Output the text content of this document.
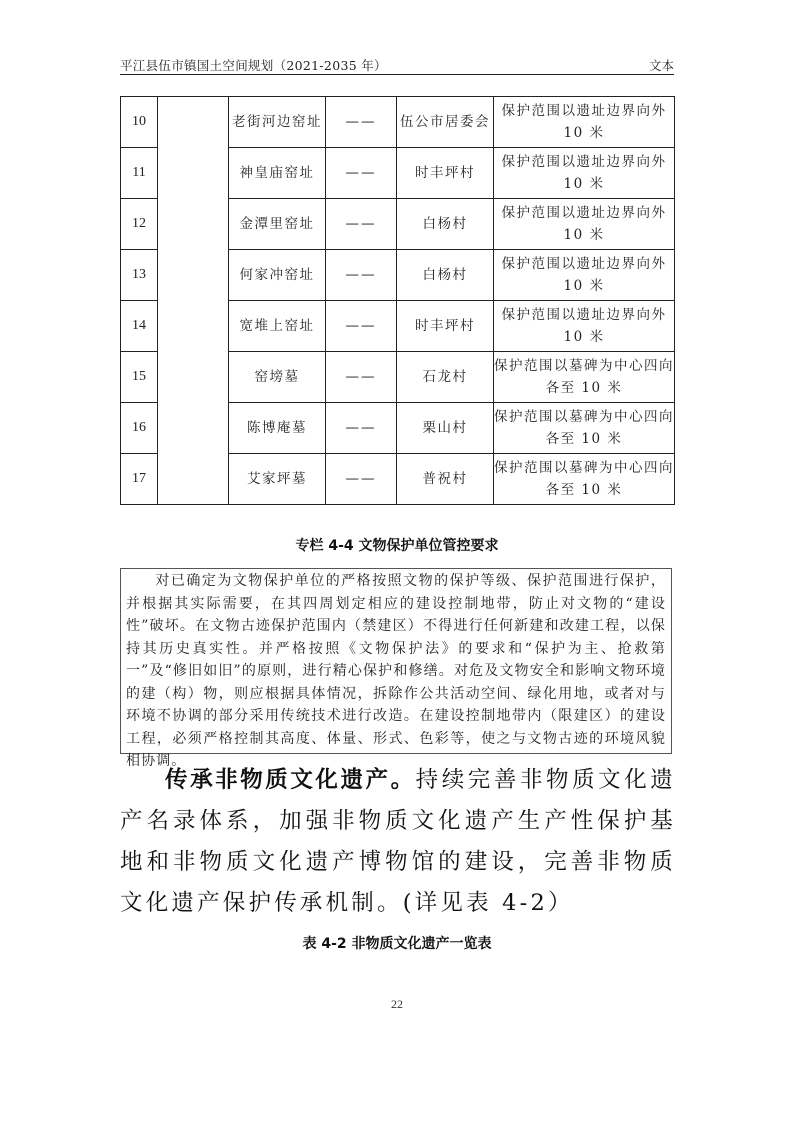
平江县伍市镇国土空间规划（2021-2035 年）	文本
10		老街河边窑址	——	伍公市居委会	保护范围以遗址边界向外
10 米

11		神皇庙窑址	——	时丰坪村	保护范围以遗址边界向外
10 米

12		金潭里窑址	——	白杨村	保护范围以遗址边界向外
10 米

13		何家冲窑址	——	白杨村	保护范围以遗址边界向外
10 米

14		宽堆上窑址	——	时丰坪村	保护范围以遗址边界向外
10 米

15		窑塝墓	——	石龙村	保护范围以墓碑为中心四向
各至 10 米

16		陈博庵墓	——	栗山村	保护范围以墓碑为中心四向
各至 10 米

17		艾家坪墓	——	普祝村	保护范围以墓碑为中心四向
各至 10 米
专栏 4-4 文物保护单位管控要求

对已确定为文物保护单位的严格按照文物的保护等级、保护范围进行保护，并根据其实际需要，在其四周划定相应的建设控制地带，防止对文物的“建设性”破坏。在文物古迹保护范围内（禁建区）不得进行任何新建和改建工程，以保持其历史真实性。并严格按照《文物保护法》的要求和“保护为主、抢救第一”及“修旧如旧”的原则，进行精心保护和修缮。对危及文物安全和影响文物环境的建（构）物，则应根据具体情况，拆除作公共活动空间、绿化用地，或者对与环境不协调的部分采用传统技术进行改造。在建设控制地带内（限建区）的建设工程，必须严格控制其高度、体量、形式、色彩等，使之与文物古迹的环境风貌相协调。

传承非物质文化遗产。持续完善非物质文化遗产名录体系，加强非物质文化遗产生产性保护基地和非物质文化遗产博物馆的建设，完善非物质文化遗产保护传承机制。(详见表 4-2）

表 4-2 非物质文化遗产一览表
22
